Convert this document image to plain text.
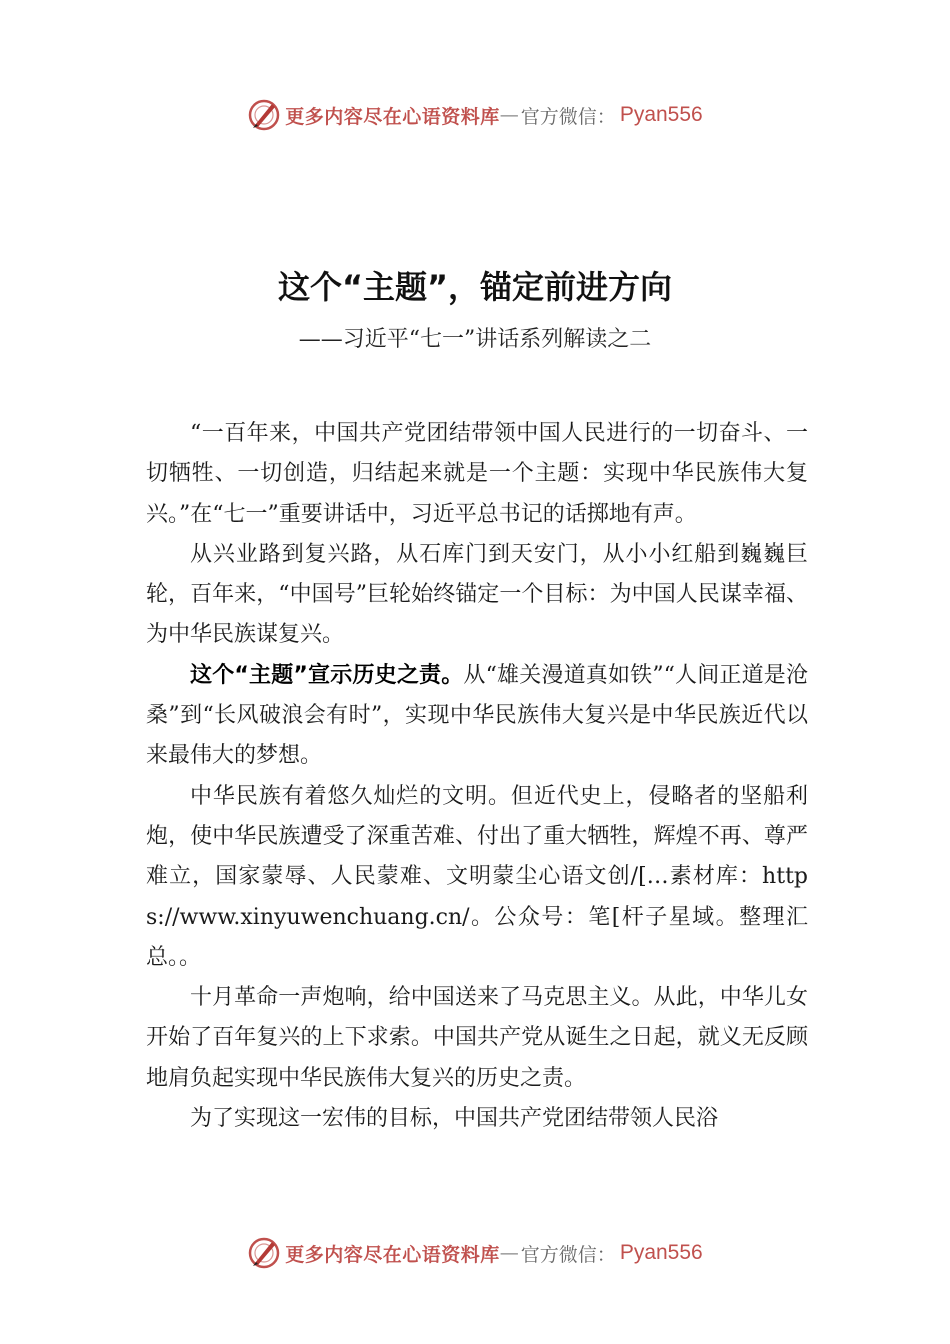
更多内容尽在心语资料库 — 官方微信： Pyan556
这个“主题”，锚定前进方向
——习近平“七一”讲话系列解读之二

“一百年来，中国共产党团结带领中国人民进行的一切奋斗、一切牺牲、一切创造，归结起来就是一个主题：实现中华民族伟大复兴。”在“七一”重要讲话中，习近平总书记的话掷地有声。

从兴业路到复兴路，从石库门到天安门，从小小红船到巍巍巨轮，百年来，“中国号”巨轮始终锚定一个目标：为中国人民谋幸福、为中华民族谋复兴。

这个“主题”宣示历史之责。从“雄关漫道真如铁”“人间正道是沧桑”到“长风破浪会有时”，实现中华民族伟大复兴是中华民族近代以来最伟大的梦想。

中华民族有着悠久灿烂的文明。但近代史上，侵略者的坚船利炮，使中华民族遭受了深重苦难、付出了重大牺牲，辉煌不再、尊严难立，国家蒙辱、人民蒙难、文明蒙尘心语文创/[…素材库：https://www.xinyuwenchuang.cn/。公众号：笔[杆子星域。整理汇总。。

十月革命一声炮响，给中国送来了马克思主义。从此，中华儿女开始了百年复兴的上下求索。中国共产党从诞生之日起，就义无反顾地肩负起实现中华民族伟大复兴的历史之责。

为了实现这一宏伟的目标，中国共产党团结带领人民浴

更多内容尽在心语资料库 — 官方微信： Pyan556
